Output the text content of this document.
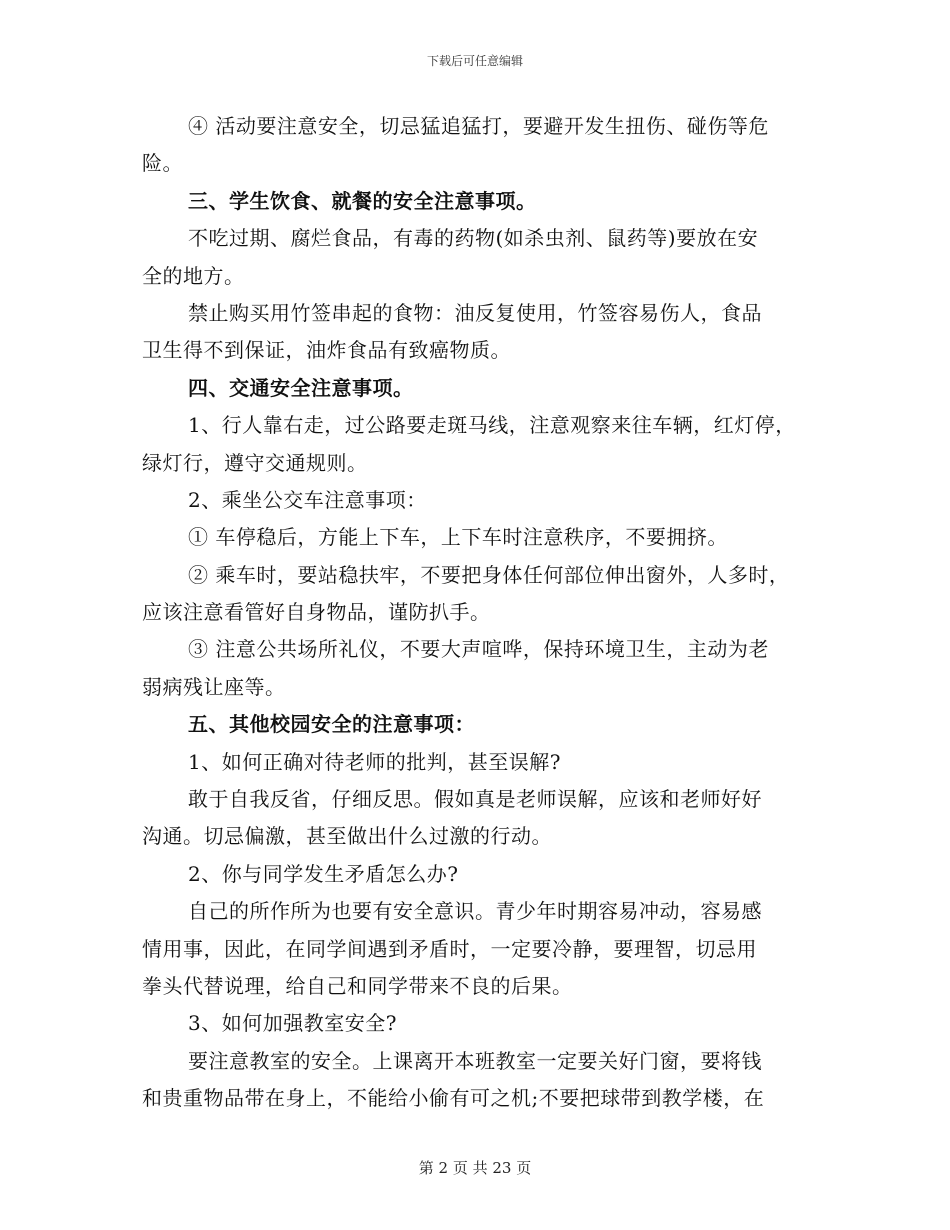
下载后可任意编辑
④ 活动要注意安全，切忌猛追猛打，要避开发生扭伤、碰伤等危
险。
三、学生饮食、就餐的安全注意事项。
不吃过期、腐烂食品，有毒的药物(如杀虫剂、鼠药等)要放在安
全的地方。
禁止购买用竹签串起的食物：油反复使用，竹签容易伤人，食品
卫生得不到保证，油炸食品有致癌物质。
四、交通安全注意事项。
1、行人靠右走，过公路要走斑马线，注意观察来往车辆，红灯停，
绿灯行，遵守交通规则。
2、乘坐公交车注意事项：
① 车停稳后，方能上下车，上下车时注意秩序，不要拥挤。
② 乘车时，要站稳扶牢，不要把身体任何部位伸出窗外，人多时，
应该注意看管好自身物品，谨防扒手。
③ 注意公共场所礼仪，不要大声喧哗，保持环境卫生，主动为老
弱病残让座等。
五、其他校园安全的注意事项：
1、如何正确对待老师的批判，甚至误解?
敢于自我反省，仔细反思。假如真是老师误解，应该和老师好好
沟通。切忌偏激，甚至做出什么过激的行动。
2、你与同学发生矛盾怎么办?
自己的所作所为也要有安全意识。青少年时期容易冲动，容易感
情用事，因此，在同学间遇到矛盾时，一定要冷静，要理智，切忌用
拳头代替说理，给自己和同学带来不良的后果。
3、如何加强教室安全?
要注意教室的安全。上课离开本班教室一定要关好门窗，要将钱
和贵重物品带在身上，不能给小偷有可之机;不要把球带到教学楼，在
第 2 页 共 23 页
